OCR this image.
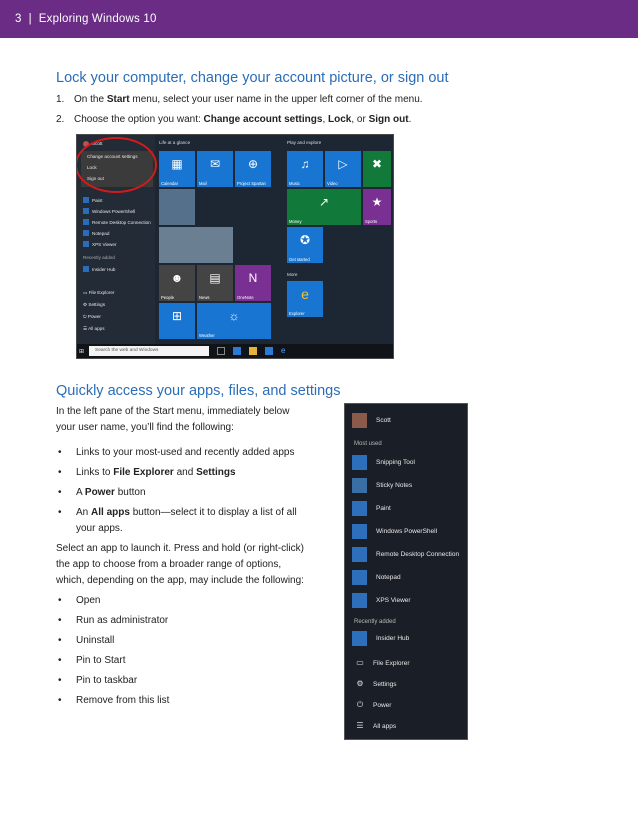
3 | Exploring Windows 10
Lock your computer, change your account picture, or sign out
1. On the Start menu, select your user name in the upper left corner of the menu.
2. Choose the option you want: Change account settings, Lock, or Sign out.
Scott
Change account settings
Lock
Sign out
Paint
Windows PowerShell
Remote Desktop Connection
Notepad
XPS Viewer
Recently added
Insider Hub
▭ File Explorer
⚙ Settings
⏻ Power
☰ All apps
Life at a glance	Play and explore
▦
Calendar
✉
Mail
⊕
Project Spartan
☻
People
▤
News
N
OneNote
⊞	☼
Weather
♫
Music
▷
Video
✖
↗
Money
★
Sports
✪
Get started
More
e
Explorer
⊞	Search the web and Windows	e
Quickly access your apps, files, and settings
In the left pane of the Start menu, immediately below
your user name, you’ll find the following:
• Links to your most-used and recently added apps
• Links to File Explorer and Settings
• A Power button
• An All apps button—select it to display a list of all
your apps.
Select an app to launch it. Press and hold (or right-click)
the app to choose from a broader range of options,
which, depending on the app, may include the following:
• Open
• Run as administrator
• Uninstall
• Pin to Start
• Pin to taskbar
• Remove from this list
Scott
Most used
Snipping Tool
Sticky Notes
Paint
Windows PowerShell
Remote Desktop Connection
Notepad
XPS Viewer
Recently added
Insider Hub
▭	File Explorer
⚙	Settings
⏻	Power
☰	All apps
